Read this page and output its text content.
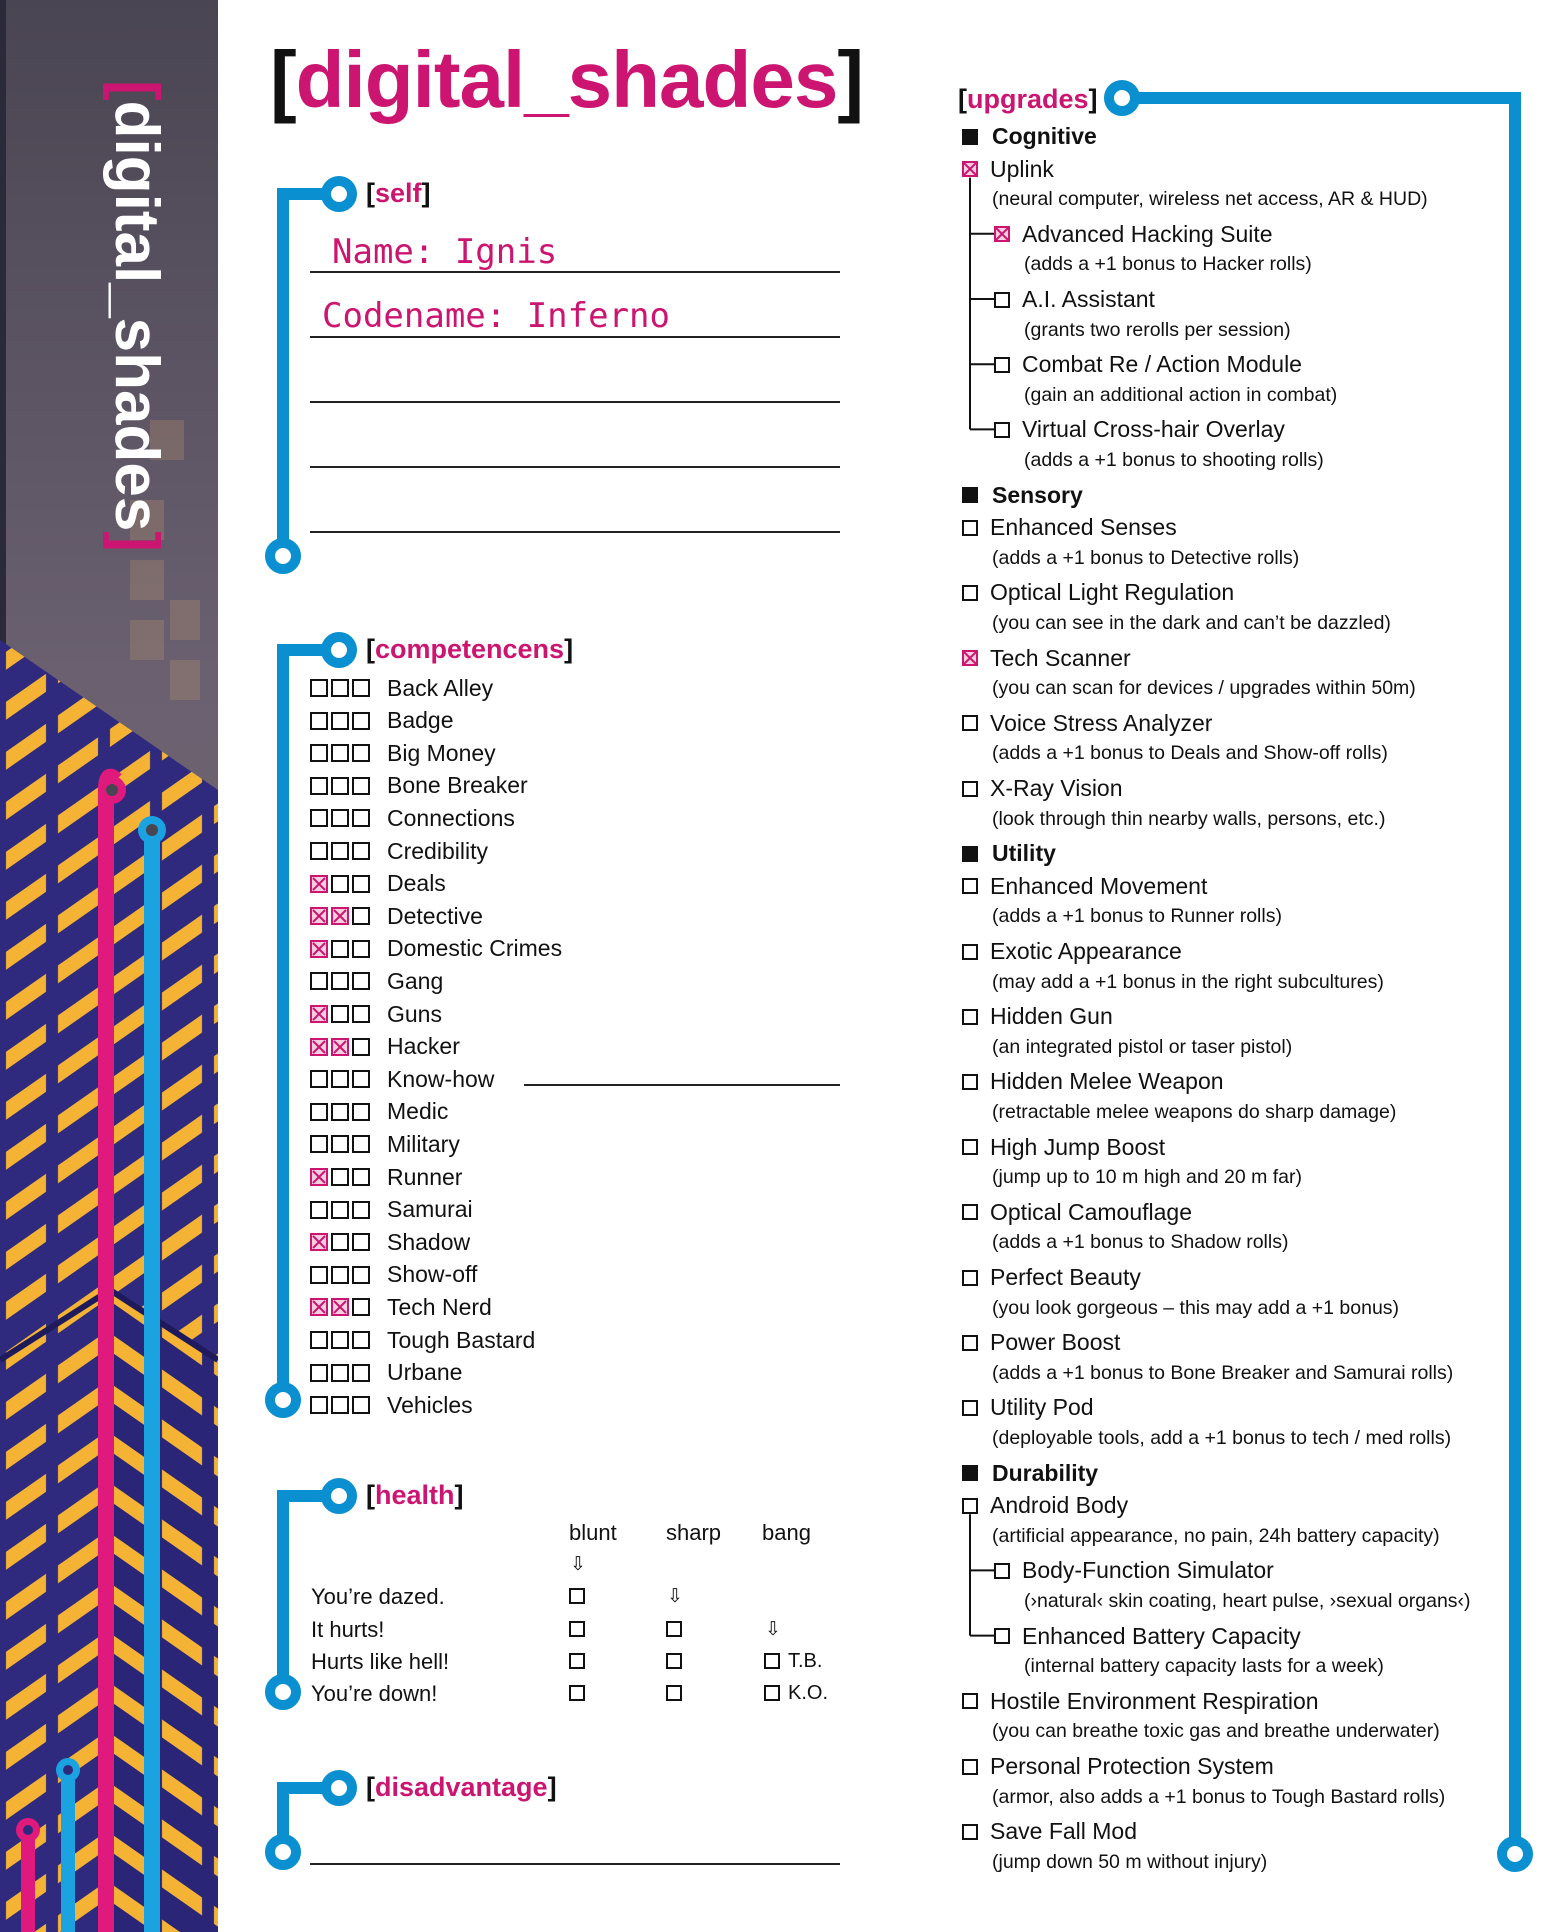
[digital_shades]
[digital_shades]
[self]
Name: Ignis
Codename: Inferno
[competencens]
Back Alley
Badge
Big Money
Bone Breaker
Connections
Credibility
Deals
Detective
Domestic Crimes
Gang
Guns
Hacker
Know-how
Medic
Military
Runner
Samurai
Shadow
Show-off
Tech Nerd
Tough Bastard
Urbane
Vehicles
[health]
blunt sharp bang
You’re dazed.
It hurts!
Hurts like hell!
You’re down!
⇩
⇩
⇩
T.B.
K.O.
[disadvantage]
[upgrades]
Cognitive
Uplink
(neural computer, wireless net access, AR & HUD)
Advanced Hacking Suite
(adds a +1 bonus to Hacker rolls)
A.I. Assistant
(grants two rerolls per session)
Combat Re / Action Module
(gain an additional action in combat)
Virtual Cross-hair Overlay
(adds a +1 bonus to shooting rolls)
Sensory
Enhanced Senses
(adds a +1 bonus to Detective rolls)
Optical Light Regulation
(you can see in the dark and can’t be dazzled)
Tech Scanner
(you can scan for devices / upgrades within 50m)
Voice Stress Analyzer
(adds a +1 bonus to Deals and Show-off rolls)
X-Ray Vision
(look through thin nearby walls, persons, etc.)
Utility
Enhanced Movement
(adds a +1 bonus to Runner rolls)
Exotic Appearance
(may add a +1 bonus in the right subcultures)
Hidden Gun
(an integrated pistol or taser pistol)
Hidden Melee Weapon
(retractable melee weapons do sharp damage)
High Jump Boost
(jump up to 10 m high and 20 m far)
Optical Camouflage
(adds a +1 bonus to Shadow rolls)
Perfect Beauty
(you look gorgeous – this may add a +1 bonus)
Power Boost
(adds a +1 bonus to Bone Breaker and Samurai rolls)
Utility Pod
(deployable tools, add a +1 bonus to tech / med rolls)
Durability
Android Body
(artificial appearance, no pain, 24h battery capacity)
Body-Function Simulator
(›natural‹ skin coating, heart pulse, ›sexual organs‹)
Enhanced Battery Capacity
(internal battery capacity lasts for a week)
Hostile Environment Respiration
(you can breathe toxic gas and breathe underwater)
Personal Protection System
(armor, also adds a +1 bonus to Tough Bastard rolls)
Save Fall Mod
(jump down 50 m without injury)
